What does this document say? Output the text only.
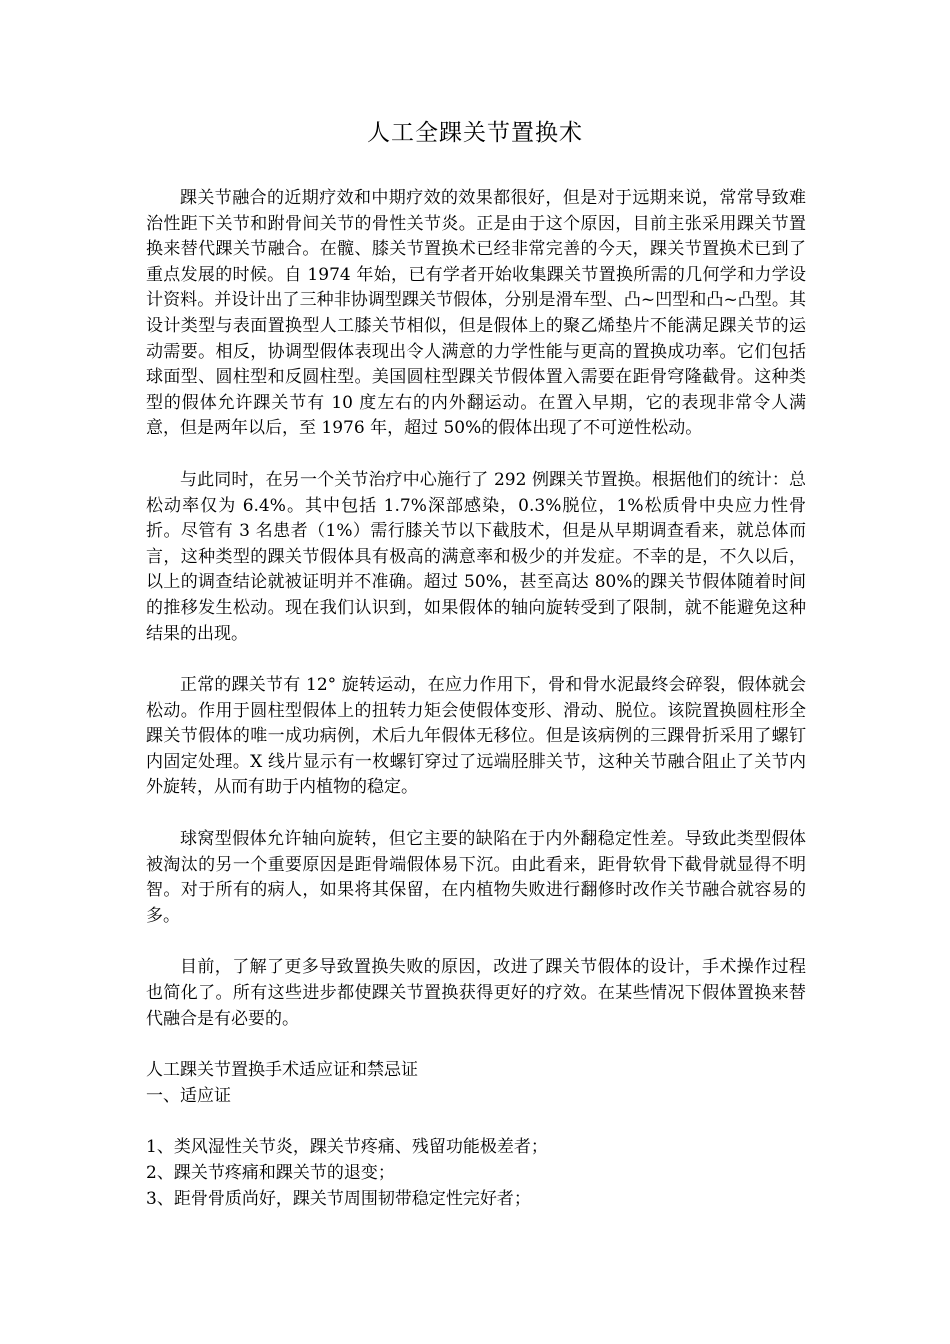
人工全踝关节置换术

踝关节融合的近期疗效和中期疗效的效果都很好，但是对于远期来说，常常导致难治性距下关节和跗骨间关节的骨性关节炎。正是由于这个原因，目前主张采用踝关节置换来替代踝关节融合。在髋、膝关节置换术已经非常完善的今天，踝关节置换术已到了重点发展的时候。自 1974 年始，已有学者开始收集踝关节置换所需的几何学和力学设计资料。并设计出了三种非协调型踝关节假体，分别是滑车型、凸~凹型和凸~凸型。其设计类型与表面置换型人工膝关节相似，但是假体上的聚乙烯垫片不能满足踝关节的运动需要。相反，协调型假体表现出令人满意的力学性能与更高的置换成功率。它们包括球面型、圆柱型和反圆柱型。美国圆柱型踝关节假体置入需要在距骨穹隆截骨。这种类型的假体允许踝关节有 10 度左右的内外翻运动。在置入早期，它的表现非常令人满意，但是两年以后，至 1976 年，超过 50%的假体出现了不可逆性松动。

与此同时，在另一个关节治疗中心施行了 292 例踝关节置换。根据他们的统计：总松动率仅为 6.4%。其中包括 1.7%深部感染，0.3%脱位，1%松质骨中央应力性骨折。尽管有 3 名患者（1%）需行膝关节以下截肢术，但是从早期调查看来，就总体而言，这种类型的踝关节假体具有极高的满意率和极少的并发症。不幸的是，不久以后，以上的调查结论就被证明并不准确。超过 50%，甚至高达 80%的踝关节假体随着时间的推移发生松动。现在我们认识到，如果假体的轴向旋转受到了限制，就不能避免这种结果的出现。

正常的踝关节有 12° 旋转运动，在应力作用下，骨和骨水泥最终会碎裂，假体就会松动。作用于圆柱型假体上的扭转力矩会使假体变形、滑动、脱位。该院置换圆柱形全踝关节假体的唯一成功病例，术后九年假体无移位。但是该病例的三踝骨折采用了螺钉内固定处理。X 线片显示有一枚螺钉穿过了远端胫腓关节，这种关节融合阻止了关节内外旋转，从而有助于内植物的稳定。

球窝型假体允许轴向旋转，但它主要的缺陷在于内外翻稳定性差。导致此类型假体被淘汰的另一个重要原因是距骨端假体易下沉。由此看来，距骨软骨下截骨就显得不明智。对于所有的病人，如果将其保留，在内植物失败进行翻修时改作关节融合就容易的多。

目前，了解了更多导致置换失败的原因，改进了踝关节假体的设计，手术操作过程也简化了。所有这些进步都使踝关节置换获得更好的疗效。在某些情况下假体置换来替代融合是有必要的。

人工踝关节置换手术适应证和禁忌证

一、适应证

1、类风湿性关节炎，踝关节疼痛、残留功能极差者；

2、踝关节疼痛和踝关节的退变；

3、距骨骨质尚好，踝关节周围韧带稳定性完好者；
